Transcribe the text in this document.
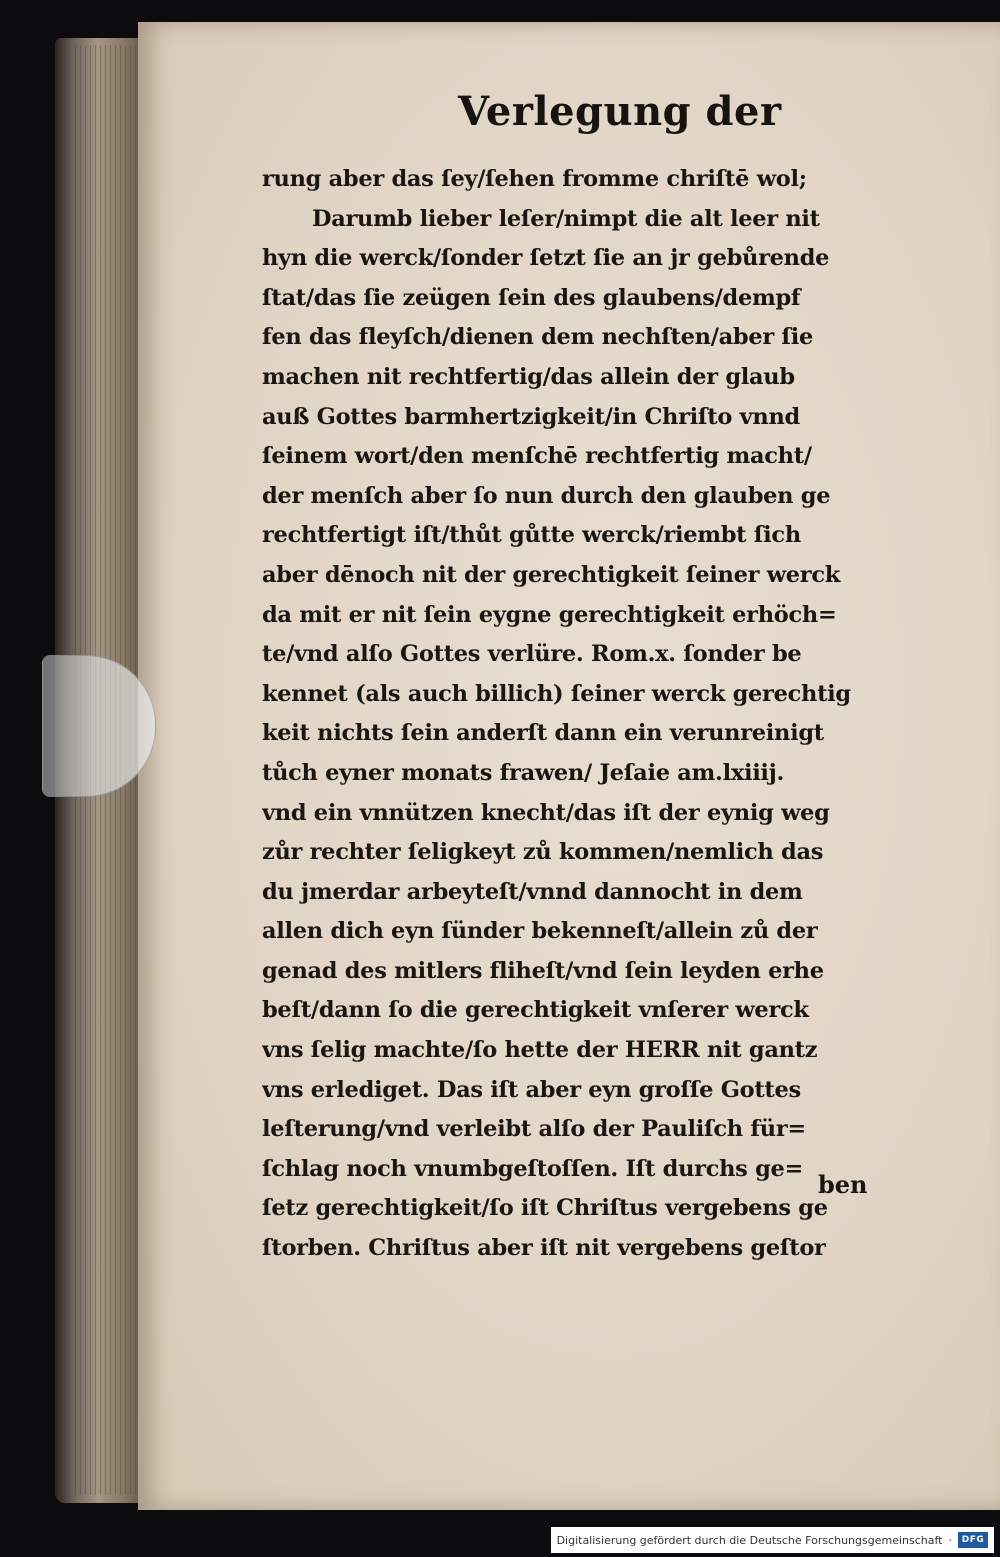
Verlegung der
rung aber das ſey/ſehen fromme chriſtē wol;
Darumb lieber leſer/nimpt die alt leer nit
hyn die werck/ſonder ſetzt ſie an jr gebůrende
ſtat/das ſie zeügen ſein des glaubens/dempf
fen das fleyſch/dienen dem nechſten/aber ſie
machen nit rechtfertig/das allein der glaub
auß Gottes barmhertzigkeit/in Chriſto vnnd
ſeinem wort/den menſchē rechtfertig macht/
der menſch aber ſo nun durch den glauben ge
rechtfertigt iſt/thůt gůtte werck/riembt ſich
aber dēnoch nit der gerechtigkeit ſeiner werck
da mit er nit ſein eygne gerechtigkeit erhöch=
te/vnd alſo Gottes verlüre. Rom.x. ſonder be
kennet (als auch billich) ſeiner werck gerechtig
keit nichts ſein anderſt dann ein verunreinigt
tůch eyner monats frawen/ Jeſaie am.lxiiij.
vnd ein vnnützen knecht/das iſt der eynig weg
zůr rechter ſeligkeyt zů kommen/nemlich das
du jmerdar arbeyteſt/vnnd dannocht in dem
allen dich eyn ſünder bekenneſt/allein zů der
genad des mitlers fliheſt/vnd ſein leyden erhe
beſt/dann ſo die gerechtigkeit vnſerer werck
vns ſelig machte/ſo hette der HERR nit gantz
vns erlediget. Das iſt aber eyn groſſe Gottes
leſterung/vnd verleibt alſo der Pauliſch für=
ſchlag noch vnumbgeſtoſſen. Iſt durchs ge=
ſetz gerechtigkeit/ſo iſt Chriſtus vergebens ge
ſtorben. Chriſtus aber iſt nit vergebens geſtor
ben
Digitalisierung gefördert durch die Deutsche Forschungsgemeinschaft ·	DFG
